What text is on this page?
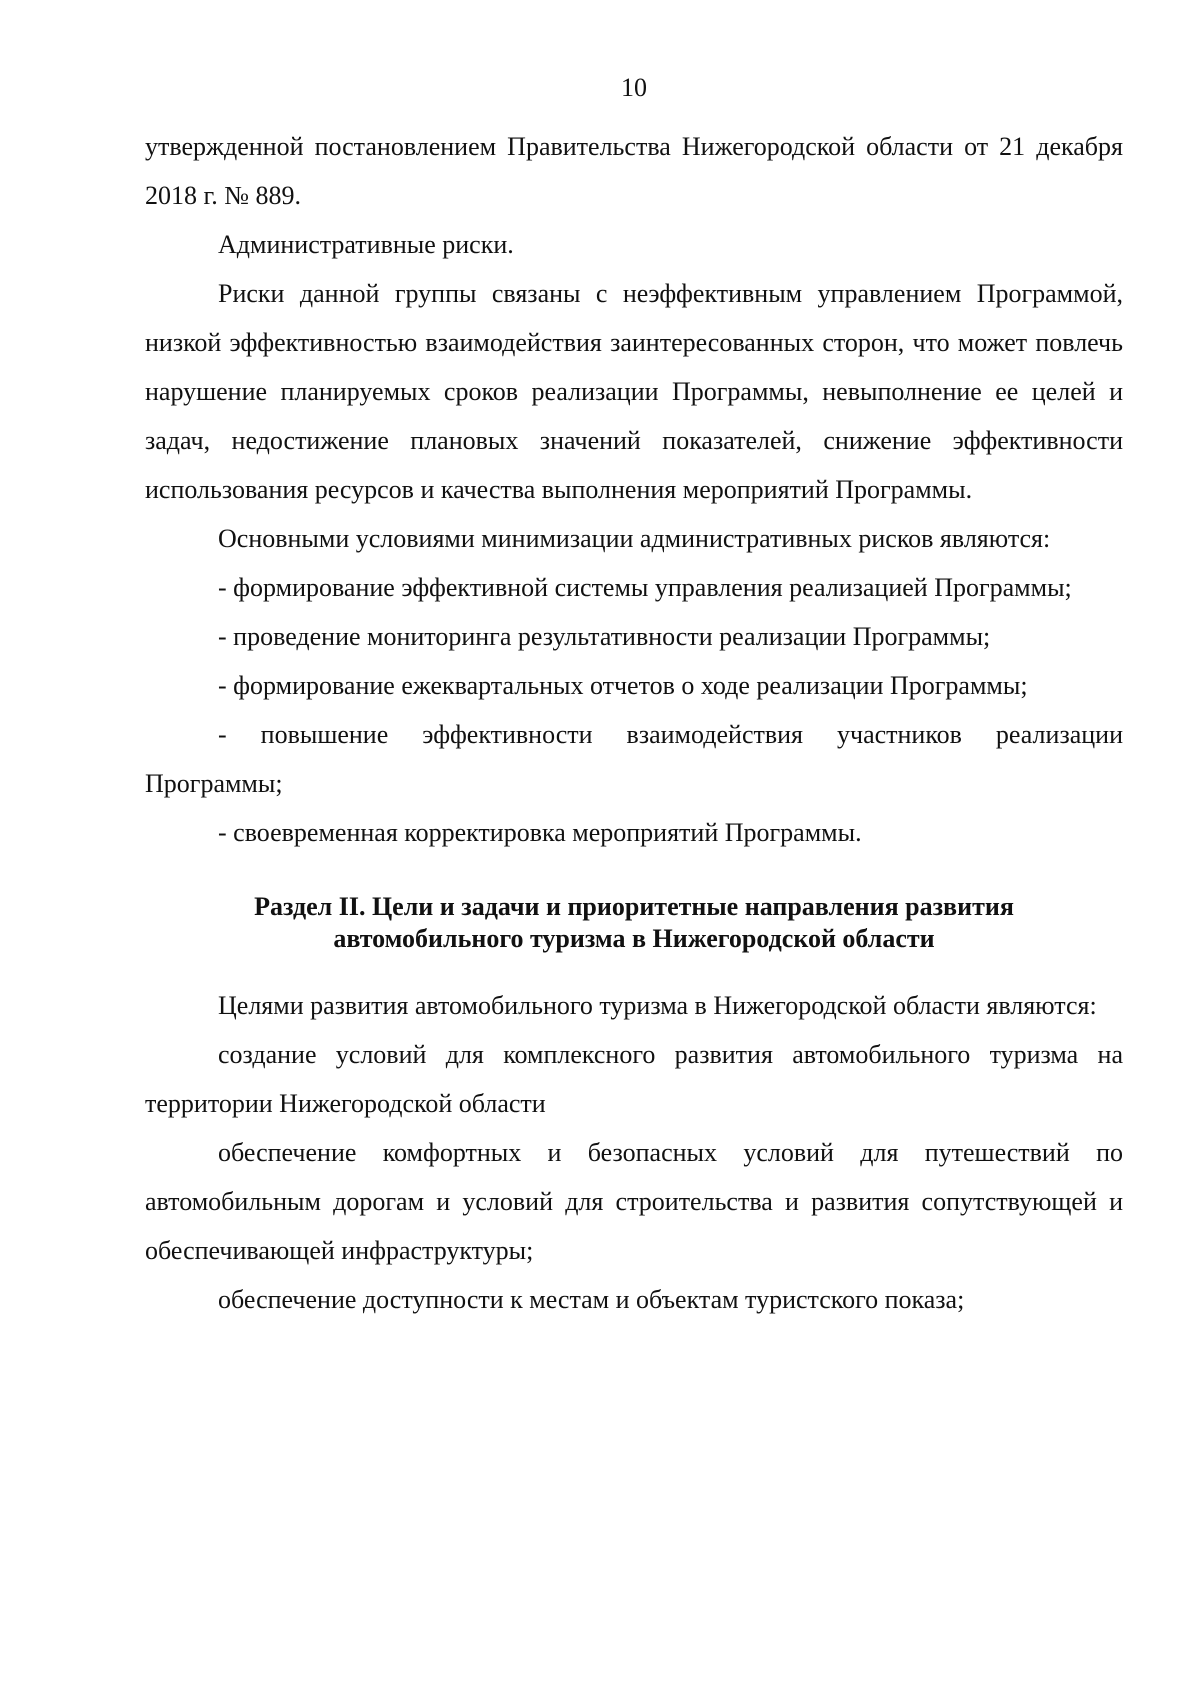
10

утвержденной постановлением Правительства Нижегородской области от 21 декабря 2018 г. № 889.

Административные риски.

Риски данной группы связаны с неэффективным управлением Программой, низкой эффективностью взаимодействия заинтересованных сторон, что может повлечь нарушение планируемых сроков реализации Программы, невыполнение ее целей и задач, недостижение плановых значений показателей, снижение эффективности использования ресурсов и качества выполнения мероприятий Программы.

Основными условиями минимизации административных рисков являются:

- формирование эффективной системы управления реализацией Программы;

- проведение мониторинга результативности реализации Программы;

- формирование ежеквартальных отчетов о ходе реализации Программы;

- повышение эффективности взаимодействия участников реализации Программы;

- своевременная корректировка мероприятий Программы.

Раздел II. Цели и задачи и приоритетные направления развития
автомобильного туризма в Нижегородской области

Целями развития автомобильного туризма в Нижегородской области являются:

создание условий для комплексного развития автомобильного туризма на территории Нижегородской области

обеспечение комфортных и безопасных условий для путешествий по автомобильным дорогам и условий для строительства и развития сопутствующей и обеспечивающей инфраструктуры;

обеспечение доступности к местам и объектам туристского показа;
